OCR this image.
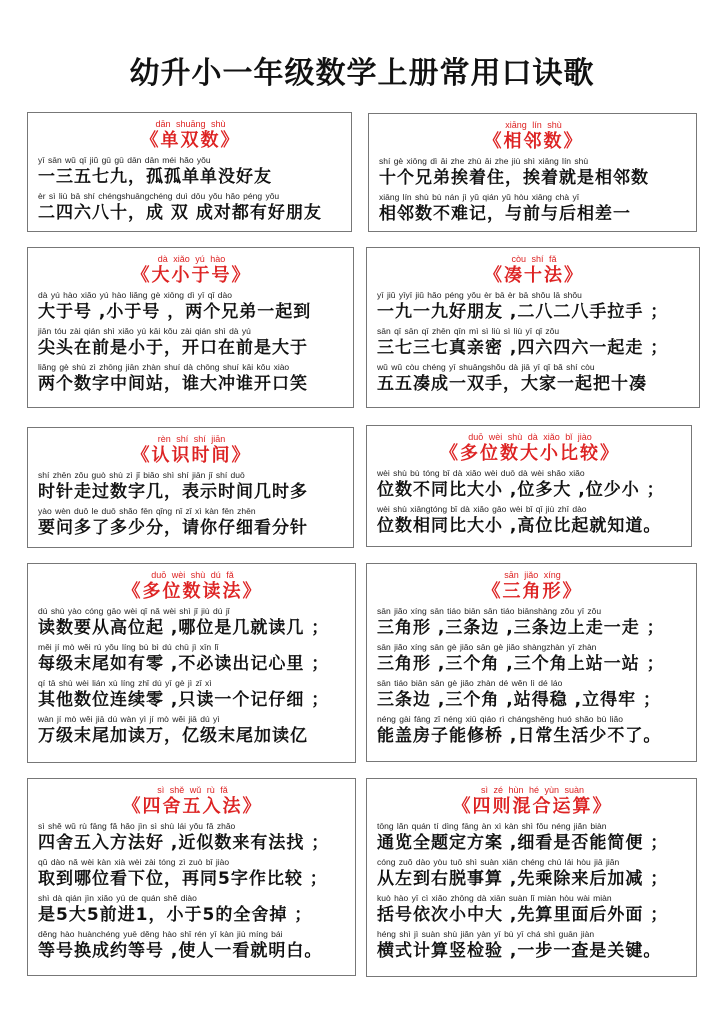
幼升小一年级数学上册常用口诀歌
dān shuāng shù
《单双数》
yī sān wǔ qī jiǔ gū gū dān dān méi hǎo yǒu
一三五七九，孤孤单单没好友
èr sì liù bā shí chéngshuāngchéng duì dōu yǒu hǎo péng yǒu
二四六八十，成 双 成对都有好朋友
xiāng lín shù
《相邻数》
shí gè xiōng dì āi zhe zhù āi zhe jiù shì xiāng lín shù
十个兄弟挨着住，挨着就是相邻数
xiāng lín shù bù nán jì yǔ qián yǔ hòu xiāng chà yī
相邻数不难记，与前与后相差一
dà xiǎo yú hào
《大小于号》
dà yú hào xiǎo yú hào liǎng gè xiōng dì yī qǐ dào
大于号 ,小于号 ，两个兄弟一起到
jiān tóu zài qián shì xiǎo yú kāi kǒu zài qián shì dà yú
尖头在前是小于，开口在前是大于
liǎng gè shù zì zhōng jiān zhàn shuí dà chōng shuí kāi kǒu xiào
两个数字中间站，谁大冲谁开口笑
còu shí fǎ
《凑十法》
yī jiǔ yīyī jiǔ hǎo péng yǒu èr bā èr bā shǒu lā shǒu
一九一九好朋友 ,二八二八手拉手 ；
sān qī sān qī zhēn qīn mì sì liù sì liù yī qǐ zǒu
三七三七真亲密 ,四六四六一起走 ；
wǔ wǔ còu chéng yī shuāngshǒu dà jiā yī qǐ bǎ shí còu
五五凑成一双手，大家一起把十凑
rèn shí shí jiān
《认识时间》
shí zhēn zǒu guò shù zì jǐ biǎo shì shí jiān jǐ shí duō
时针走过数字几，表示时间几时多
yào wèn duō le duō shǎo fēn qǐng nǐ zǐ xì kàn fēn zhēn
要问多了多少分，请你仔细看分针
duō wèi shù dà xiǎo bǐ jiào
《多位数大小比较》
wèi shù bù tóng bǐ dà xiǎo wèi duō dà wèi shǎo xiǎo
位数不同比大小 ,位多大 ,位少小 ；
wèi shù xiāngtóng bǐ dà xiǎo gāo wèi bǐ qǐ jiù zhī dào
位数相同比大小 ,高位比起就知道。
duō wèi shù dú fǎ
《多位数读法》
dú shù yào cóng gāo wèi qǐ nǎ wèi shì jǐ jiù dú jǐ
读数要从高位起 ,哪位是几就读几 ；
měi jí mò wěi rú yǒu líng bù bì dú chū jì xīn lǐ
每级末尾如有零 ,不必读出记心里 ；
qí tā shù wèi lián xù líng zhǐ dú yī gè jì zǐ xì
其他数位连续零 ,只读一个记仔细 ；
wàn jí mò wěi jiā dú wàn yì jí mò wěi jiā dú yì
万级末尾加读万，亿级末尾加读亿
sān jiǎo xíng
《三角形》
sān jiǎo xíng sān tiáo biān sān tiáo biānshàng zǒu yī zǒu
三角形 ,三条边 ,三条边上走一走 ；
sān jiǎo xíng sān gè jiǎo sān gè jiǎo shàngzhàn yī zhàn
三角形 ,三个角 ,三个角上站一站 ；
sān tiáo biān sān gè jiǎo zhàn dé wěn lì dé láo
三条边 ,三个角 ,站得稳 ,立得牢 ；
néng gài fáng zǐ néng xiū qiáo rì chángshēng huó shǎo bù liǎo
能盖房子能修桥 ,日常生活少不了。
sì shě wǔ rù fǎ
《四舍五入法》
sì shě wǔ rù fāng fǎ hǎo jìn sì shù lái yǒu fǎ zhǎo
四舍五入方法好 ,近似数来有法找 ；
qǔ dào nǎ wèi kàn xià wèi zài tóng zì zuò bǐ jiào
取到哪位看下位，再同5字作比较 ；
shì dà qián jìn xiǎo yú de quán shě diào
是5大5前进1，小于5的全舍掉 ；
děng hào huànchéng yuē děng hào shǐ rén yī kàn jiù míng bái
等号换成约等号 ,使人一看就明白。
sì zé hùn hé yùn suàn
《四则混合运算》
tōng lǎn quán tí dìng fāng àn xì kàn shì fǒu néng jiǎn biàn
通览全题定方案 ,细看是否能简便 ；
cóng zuǒ dào yòu tuō shì suàn xiān chéng chú lái hòu jiā jiǎn
从左到右脱事算 ,先乘除来后加减 ；
kuò hào yī cì xiǎo zhōng dà xiān suàn lǐ miàn hòu wài miàn
括号依次小中大 ,先算里面后外面 ；
héng shì jì suàn shù jiǎn yàn yī bù yī chá shì guān jiàn
横式计算竖检验 ,一步一查是关键。
